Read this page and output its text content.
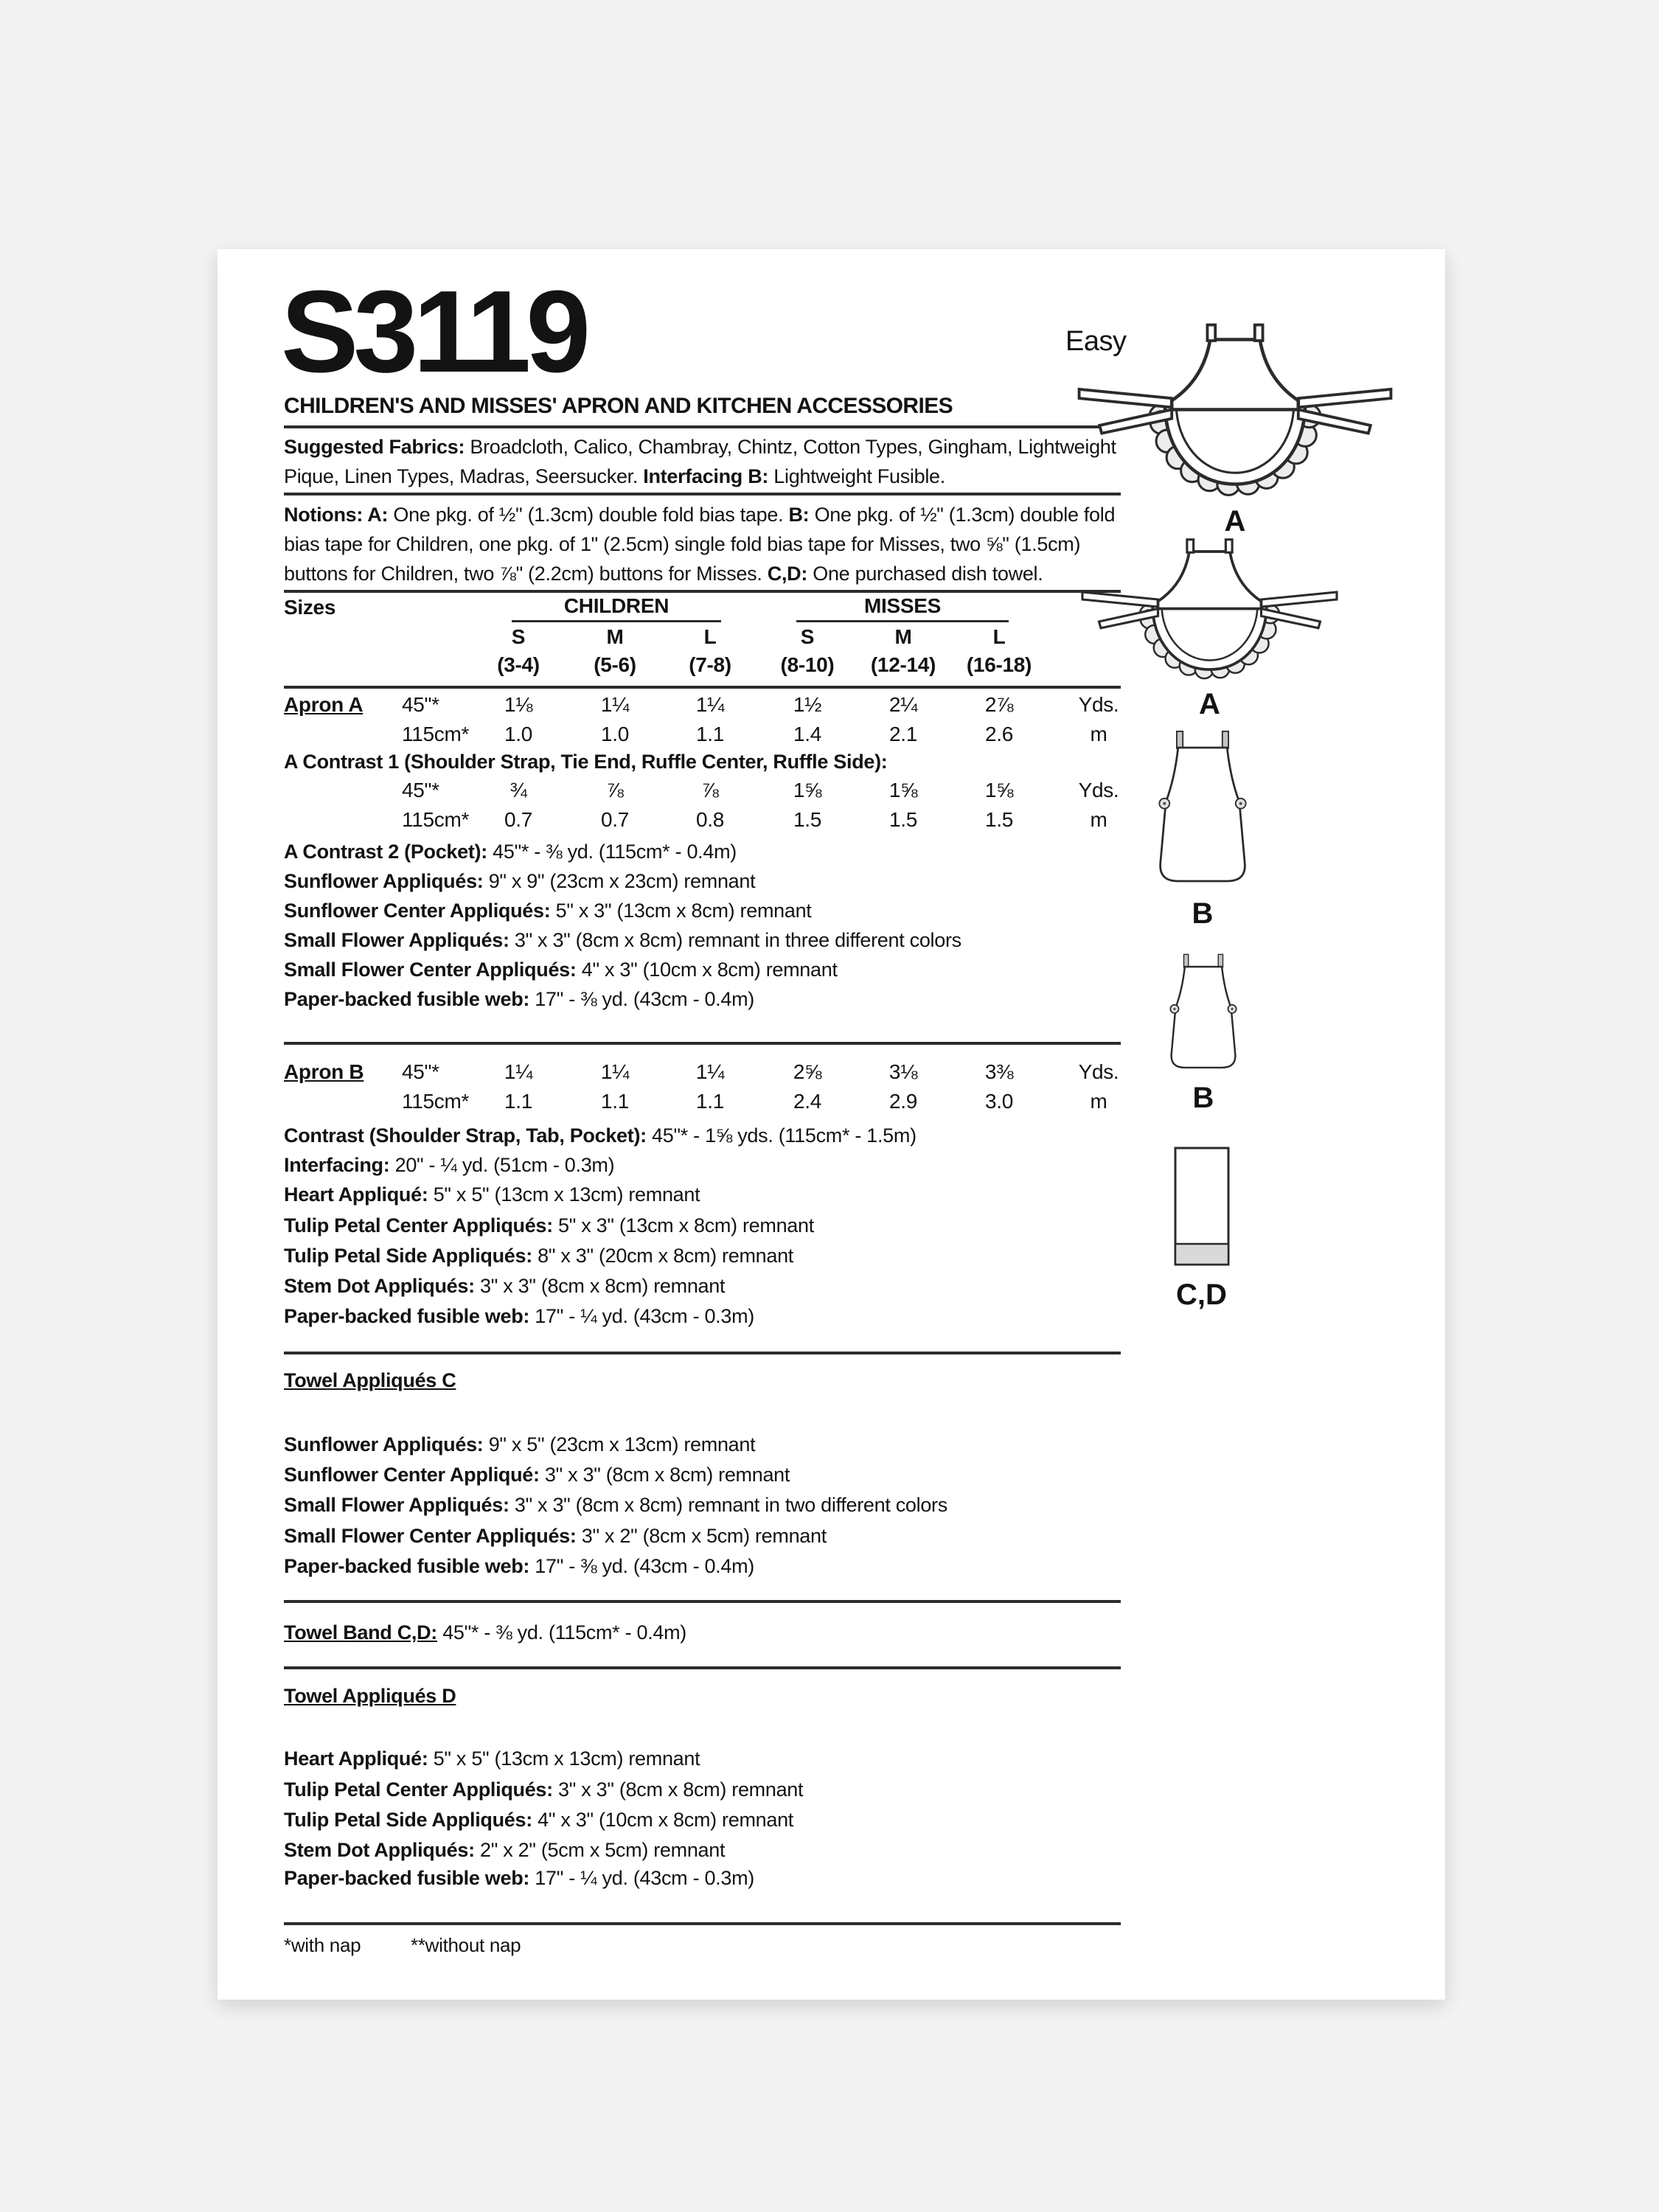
S3119	Easy
CHILDREN'S AND MISSES' APRON AND KITCHEN ACCESSORIES
Suggested Fabrics: Broadcloth, Calico, Chambray, Chintz, Cotton Types, Gingham, Lightweight Pique, Linen Types, Madras, Seersucker. Interfacing B: Lightweight Fusible.
Notions: A: One pkg. of ½" (1.3cm) double fold bias tape. B: One pkg. of ½" (1.3cm) double fold bias tape for Children, one pkg. of 1" (2.5cm) single fold bias tape for Misses, two ⅝" (1.5cm) buttons for Children, two ⅞" (2.2cm) buttons for Misses. C,D: One purchased dish towel.
Sizes	CHILDREN	MISSES
S	M	L	S	M	L
(3-4)	(5-6)	(7-8)	(8-10)	(12-14)	(16-18)
Apron A	45"*	1⅛	1¼	1¼	1½	2¼	2⅞	Yds.
115cm*	1.0	1.0	1.1	1.4	2.1	2.6	m
A Contrast 1 (Shoulder Strap, Tie End, Ruffle Center, Ruffle Side):
45"*	¾	⅞	⅞	1⅝	1⅝	1⅝	Yds.
115cm*	0.7	0.7	0.8	1.5	1.5	1.5	m
A Contrast 2 (Pocket): 45"* - ⅜ yd. (115cm* - 0.4m)
Sunflower Appliqués: 9" x 9" (23cm x 23cm) remnant
Sunflower Center Appliqués: 5" x 3" (13cm x 8cm) remnant
Small Flower Appliqués: 3" x 3" (8cm x 8cm) remnant in three different colors
Small Flower Center Appliqués: 4" x 3" (10cm x 8cm) remnant
Paper-backed fusible web: 17" - ⅜ yd. (43cm - 0.4m)
Apron B	45"*	1¼	1¼	1¼	2⅝	3⅛	3⅜	Yds.
115cm*	1.1	1.1	1.1	2.4	2.9	3.0	m
Contrast (Shoulder Strap, Tab, Pocket): 45"* - 1⅝ yds. (115cm* - 1.5m)
Interfacing: 20" - ¼ yd. (51cm - 0.3m)
Heart Appliqué: 5" x 5" (13cm x 13cm) remnant
Tulip Petal Center Appliqués: 5" x 3" (13cm x 8cm) remnant
Tulip Petal Side Appliqués: 8" x 3" (20cm x 8cm) remnant
Stem Dot Appliqués: 3" x 3" (8cm x 8cm) remnant
Paper-backed fusible web: 17" - ¼ yd. (43cm - 0.3m)
Towel Appliqués C
Sunflower Appliqués: 9" x 5" (23cm x 13cm) remnant
Sunflower Center Appliqué: 3" x 3" (8cm x 8cm) remnant
Small Flower Appliqués: 3" x 3" (8cm x 8cm) remnant in two different colors
Small Flower Center Appliqués: 3" x 2" (8cm x 5cm) remnant
Paper-backed fusible web: 17" - ⅜ yd. (43cm - 0.4m)
Towel Band C,D: 45"* - ⅜ yd. (115cm* - 0.4m)
Towel Appliqués D
Heart Appliqué: 5" x 5" (13cm x 13cm) remnant
Tulip Petal Center Appliqués: 3" x 3" (8cm x 8cm) remnant
Tulip Petal Side Appliqués: 4" x 3" (10cm x 8cm) remnant
Stem Dot Appliqués: 2" x 2" (5cm x 5cm) remnant
Paper-backed fusible web: 17" - ¼ yd. (43cm - 0.3m)
*with nap	**without nap
A
A
B
B
C,D
